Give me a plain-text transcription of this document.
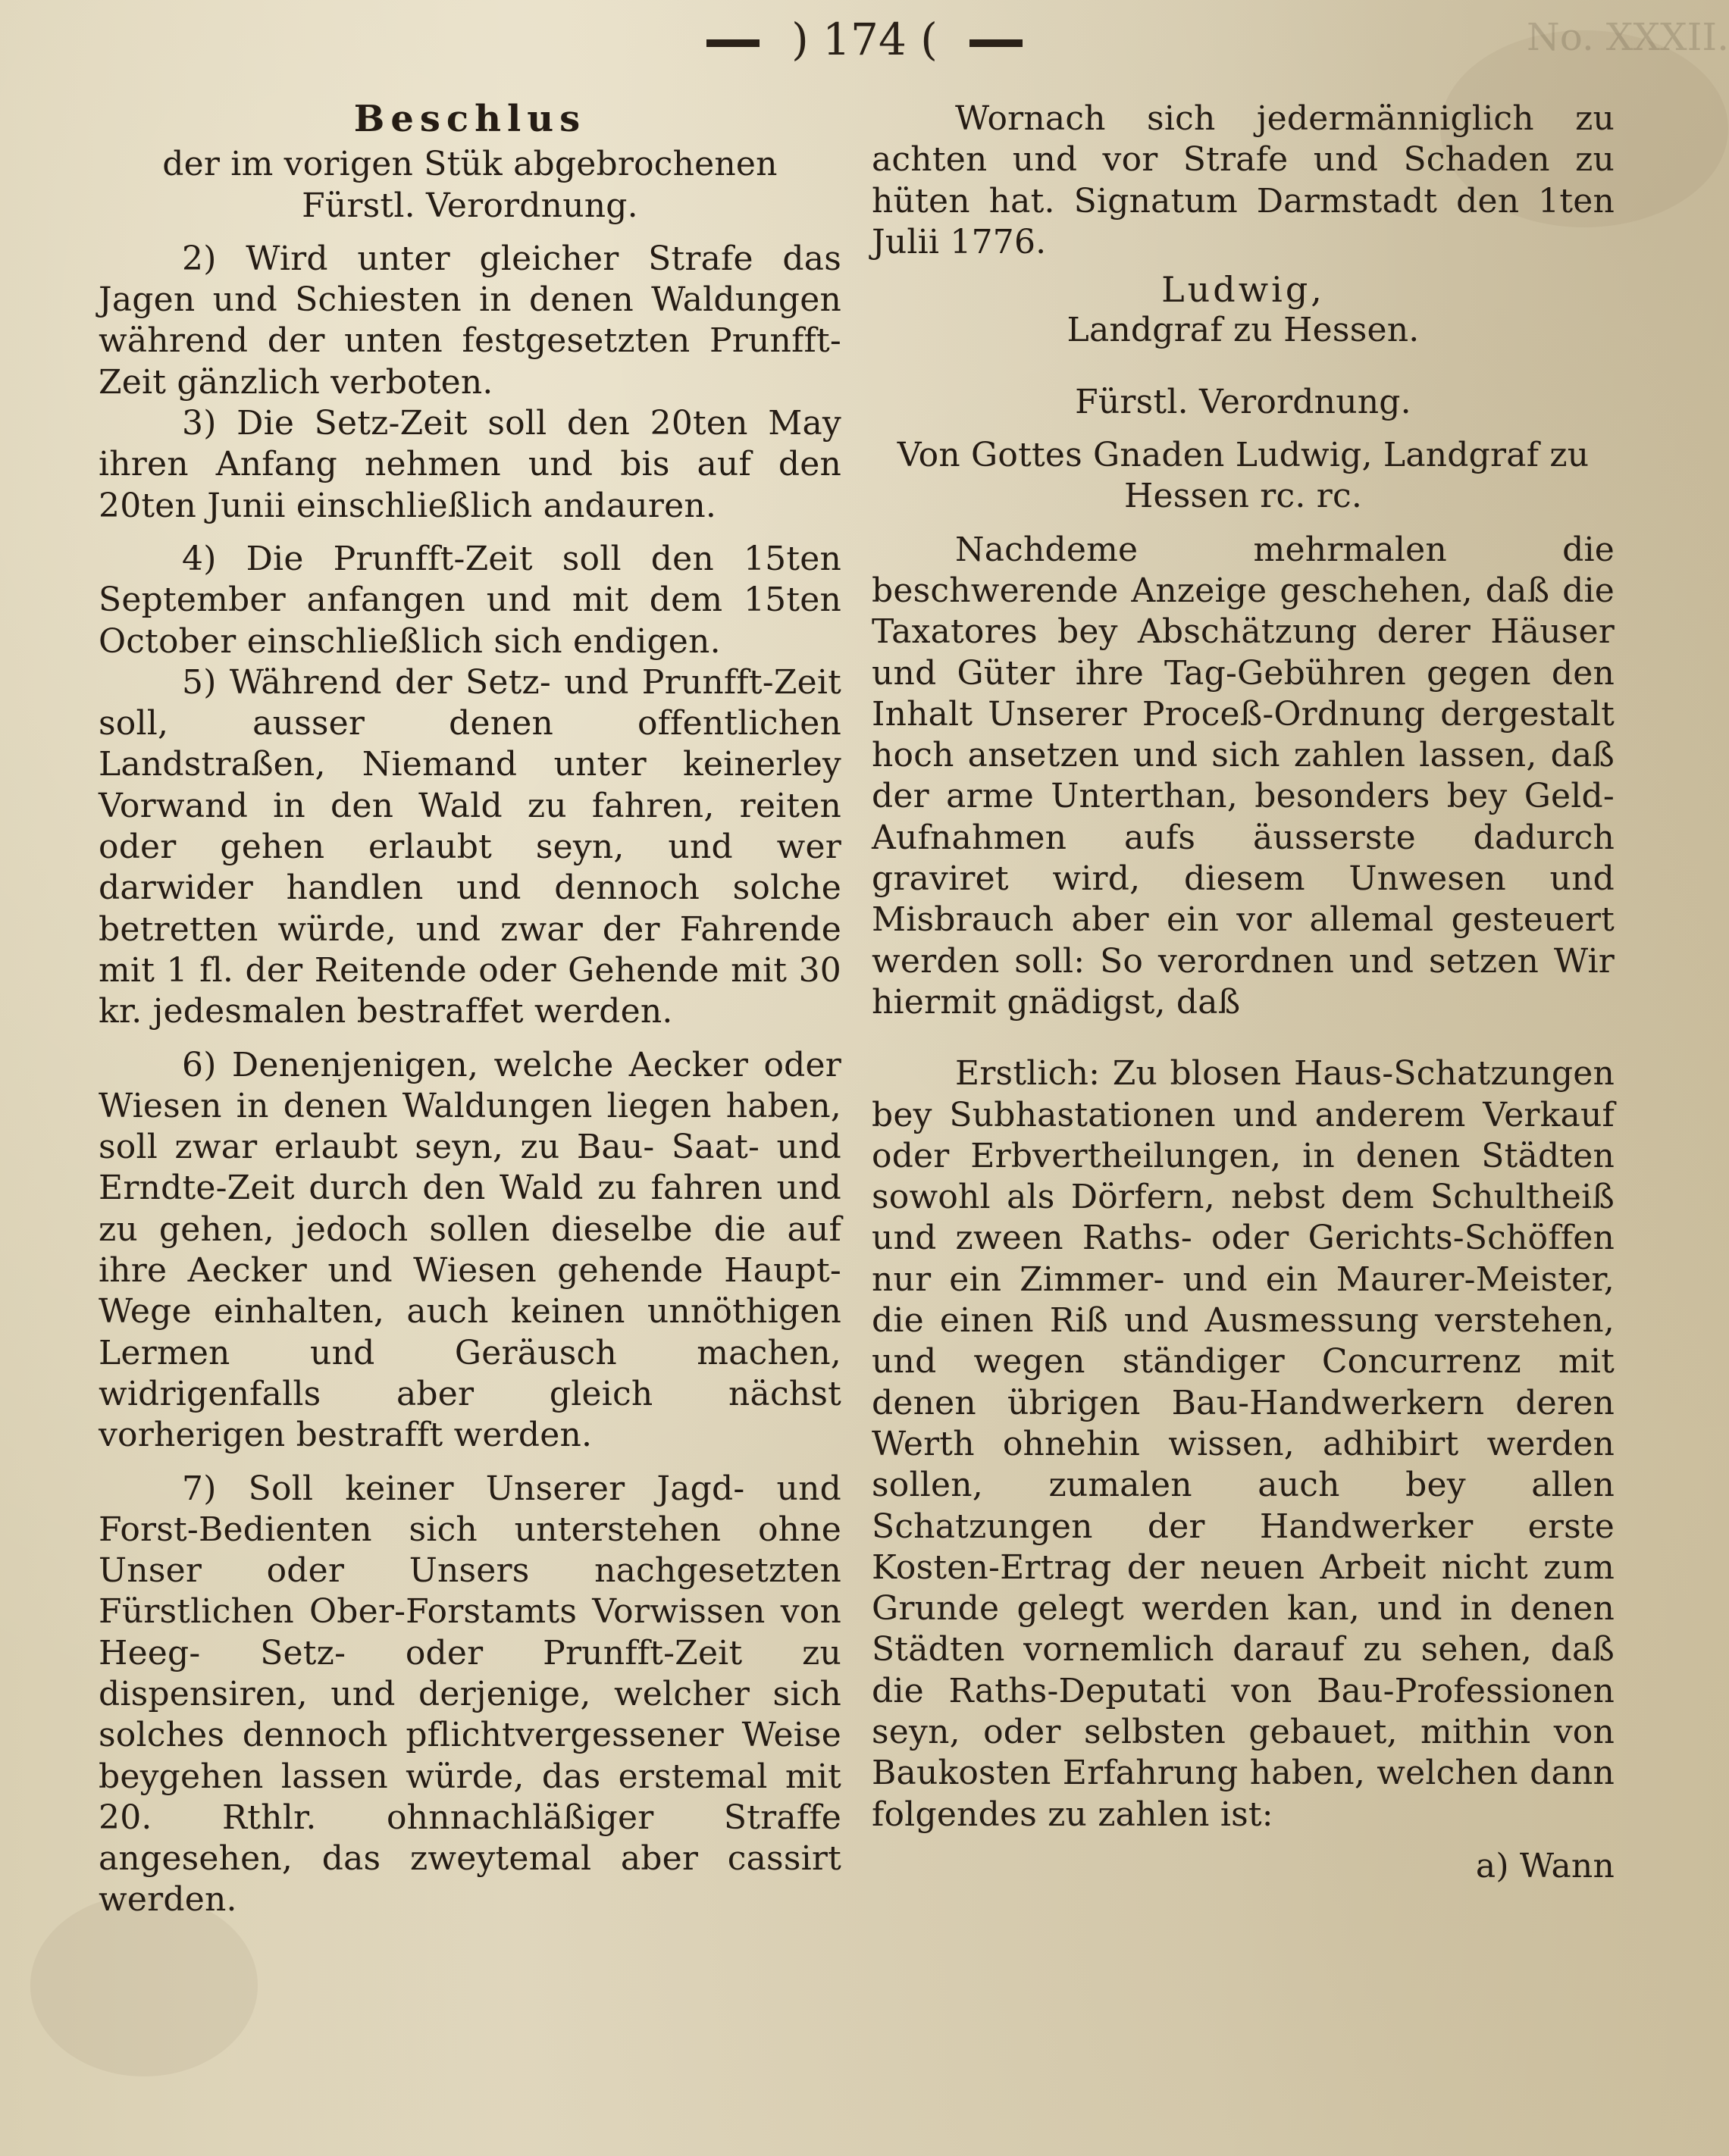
) 174 (	No. XXXII.
Beschlus
der im vorigen Stük abgebrochenen
Fürstl. Verordnung.

2) Wird unter gleicher Strafe das Jagen und Schiesten in denen Waldungen während der unten festgesetzten Prunfft-Zeit gänzlich verboten.

3) Die Setz-Zeit soll den 20ten May ihren Anfang nehmen und bis auf den 20ten Junii einschließlich andauren.

4) Die Prunfft-Zeit soll den 15ten September anfangen und mit dem 15ten October einschließlich sich endigen.

5) Während der Setz- und Prunfft-Zeit soll, ausser denen offentlichen Landstraßen, Niemand unter keinerley Vorwand in den Wald zu fahren, reiten oder gehen erlaubt seyn, und wer darwider handlen und dennoch solche betretten würde, und zwar der Fahrende mit 1 fl. der Reitende oder Gehende mit 30 kr. jedesmalen bestraffet werden.

6) Denenjenigen, welche Aecker oder Wiesen in denen Waldungen liegen haben, soll zwar erlaubt seyn, zu Bau- Saat- und Erndte-Zeit durch den Wald zu fahren und zu gehen, jedoch sollen dieselbe die auf ihre Aecker und Wiesen gehende Haupt-Wege einhalten, auch keinen unnöthigen Lermen und Geräusch machen, widrigenfalls aber gleich nächst vorherigen bestrafft werden.

7) Soll keiner Unserer Jagd- und Forst-Bedienten sich unterstehen ohne Unser oder Unsers nachgesetzten Fürstlichen Ober-Forstamts Vorwissen von Heeg- Setz- oder Prunfft-Zeit zu dispensiren, und derjenige, welcher sich solches dennoch pflichtvergessener Weise beygehen lassen würde, das erstemal mit 20. Rthlr. ohnnachläßiger Straffe angesehen, das zweytemal aber cassirt werden.

Wornach sich jedermänniglich zu achten und vor Strafe und Schaden zu hüten hat. Signatum Darmstadt den 1ten Julii 1776.

Ludwig,
Landgraf zu Hessen.
Fürstl. Verordnung.

Von Gottes Gnaden Ludwig, Landgraf zu Hessen rc. rc.

Nachdeme mehrmalen die beschwerende Anzeige geschehen, daß die Taxatores bey Abschätzung derer Häuser und Güter ihre Tag-Gebühren gegen den Inhalt Unserer Proceß-Ordnung dergestalt hoch ansetzen und sich zahlen lassen, daß der arme Unterthan, besonders bey Geld-Aufnahmen aufs äusserste dadurch graviret wird, diesem Unwesen und Misbrauch aber ein vor allemal gesteuert werden soll: So verordnen und setzen Wir hiermit gnädigst, daß

Erstlich: Zu blosen Haus-Schatzungen bey Subhastationen und anderem Verkauf oder Erbvertheilungen, in denen Städten sowohl als Dörfern, nebst dem Schultheiß und zween Raths- oder Gerichts-Schöffen nur ein Zimmer- und ein Maurer-Meister, die einen Riß und Ausmessung verstehen, und wegen ständiger Concurrenz mit denen übrigen Bau-Handwerkern deren Werth ohnehin wissen, adhibirt werden sollen, zumalen auch bey allen Schatzungen der Handwerker erste Kosten-Ertrag der neuen Arbeit nicht zum Grunde gelegt werden kan, und in denen Städten vornemlich darauf zu sehen, daß die Raths-Deputati von Bau-Professionen seyn, oder selbsten gebauet, mithin von Baukosten Erfahrung haben, welchen dann folgendes zu zahlen ist:

a) Wann
